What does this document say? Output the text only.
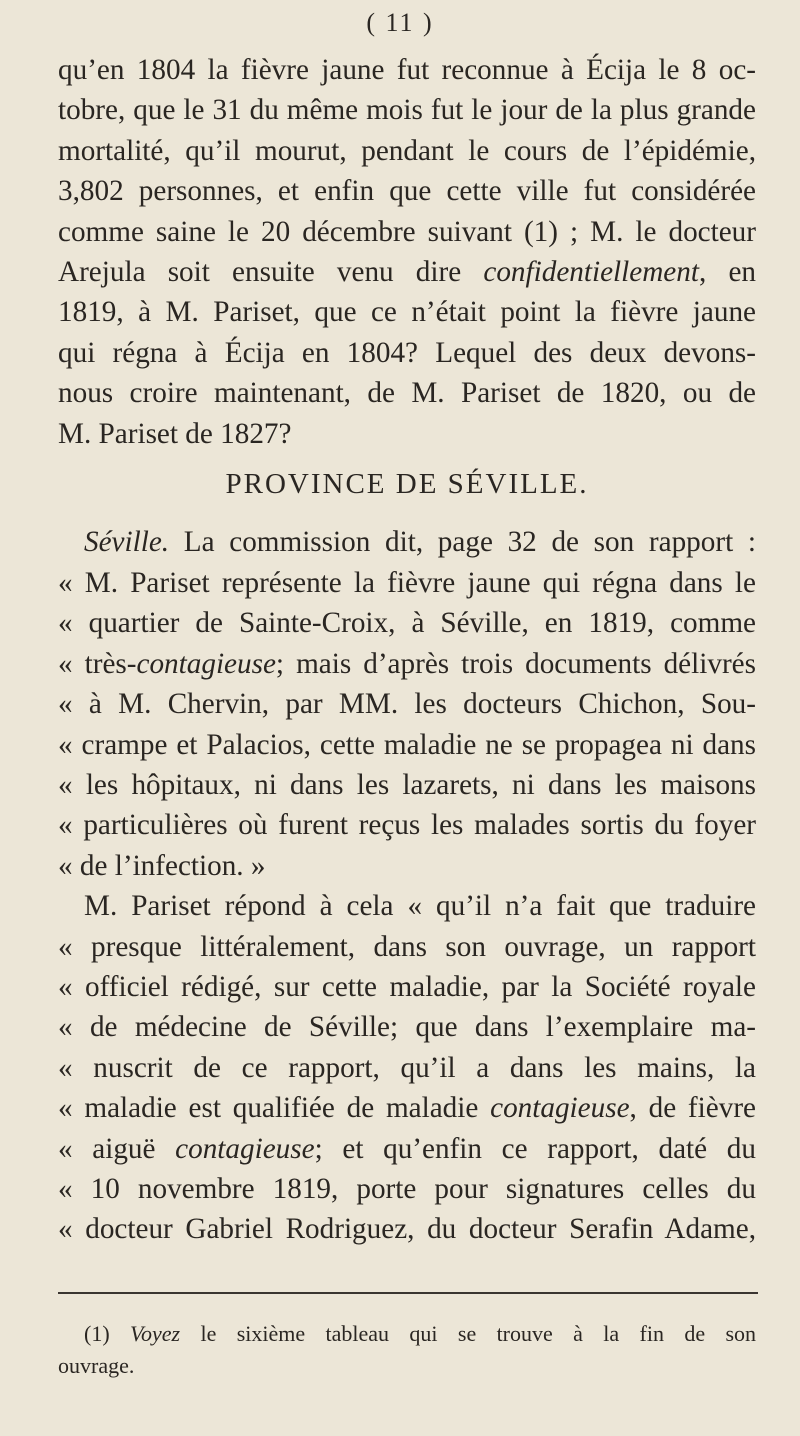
( 11 )
qu’en 1804 la fièvre jaune fut reconnue à Écija le 8 oc-
tobre, que le 31 du même mois fut le jour de la plus grande
mortalité, qu’il mourut, pendant le cours de l’épidémie,
3,802 personnes, et enfin que cette ville fut considérée
comme saine le 20 décembre suivant (1) ; M. le docteur
Arejula soit ensuite venu dire confidentiellement, en
1819, à M. Pariset, que ce n’était point la fièvre jaune
qui régna à Écija en 1804? Lequel des deux devons-
nous croire maintenant, de M. Pariset de 1820, ou de
M. Pariset de 1827?
PROVINCE DE SÉVILLE.
Séville. La commission dit, page 32 de son rapport :
« M. Pariset représente la fièvre jaune qui régna dans le
« quartier de Sainte-Croix, à Séville, en 1819, comme
« très-contagieuse; mais d’après trois documents délivrés
« à M. Chervin, par MM. les docteurs Chichon, Sou-
« crampe et Palacios, cette maladie ne se propagea ni dans
« les hôpitaux, ni dans les lazarets, ni dans les maisons
« particulières où furent reçus les malades sortis du foyer
« de l’infection. »
M. Pariset répond à cela « qu’il n’a fait que traduire
« presque littéralement, dans son ouvrage, un rapport
« officiel rédigé, sur cette maladie, par la Société royale
« de médecine de Séville; que dans l’exemplaire ma-
« nuscrit de ce rapport, qu’il a dans les mains, la
« maladie est qualifiée de maladie contagieuse, de fièvre
« aiguë contagieuse; et qu’enfin ce rapport, daté du
« 10 novembre 1819, porte pour signatures celles du
« docteur Gabriel Rodriguez, du docteur Serafin Adame,
(1) Voyez le sixième tableau qui se trouve à la fin de son
ouvrage.
